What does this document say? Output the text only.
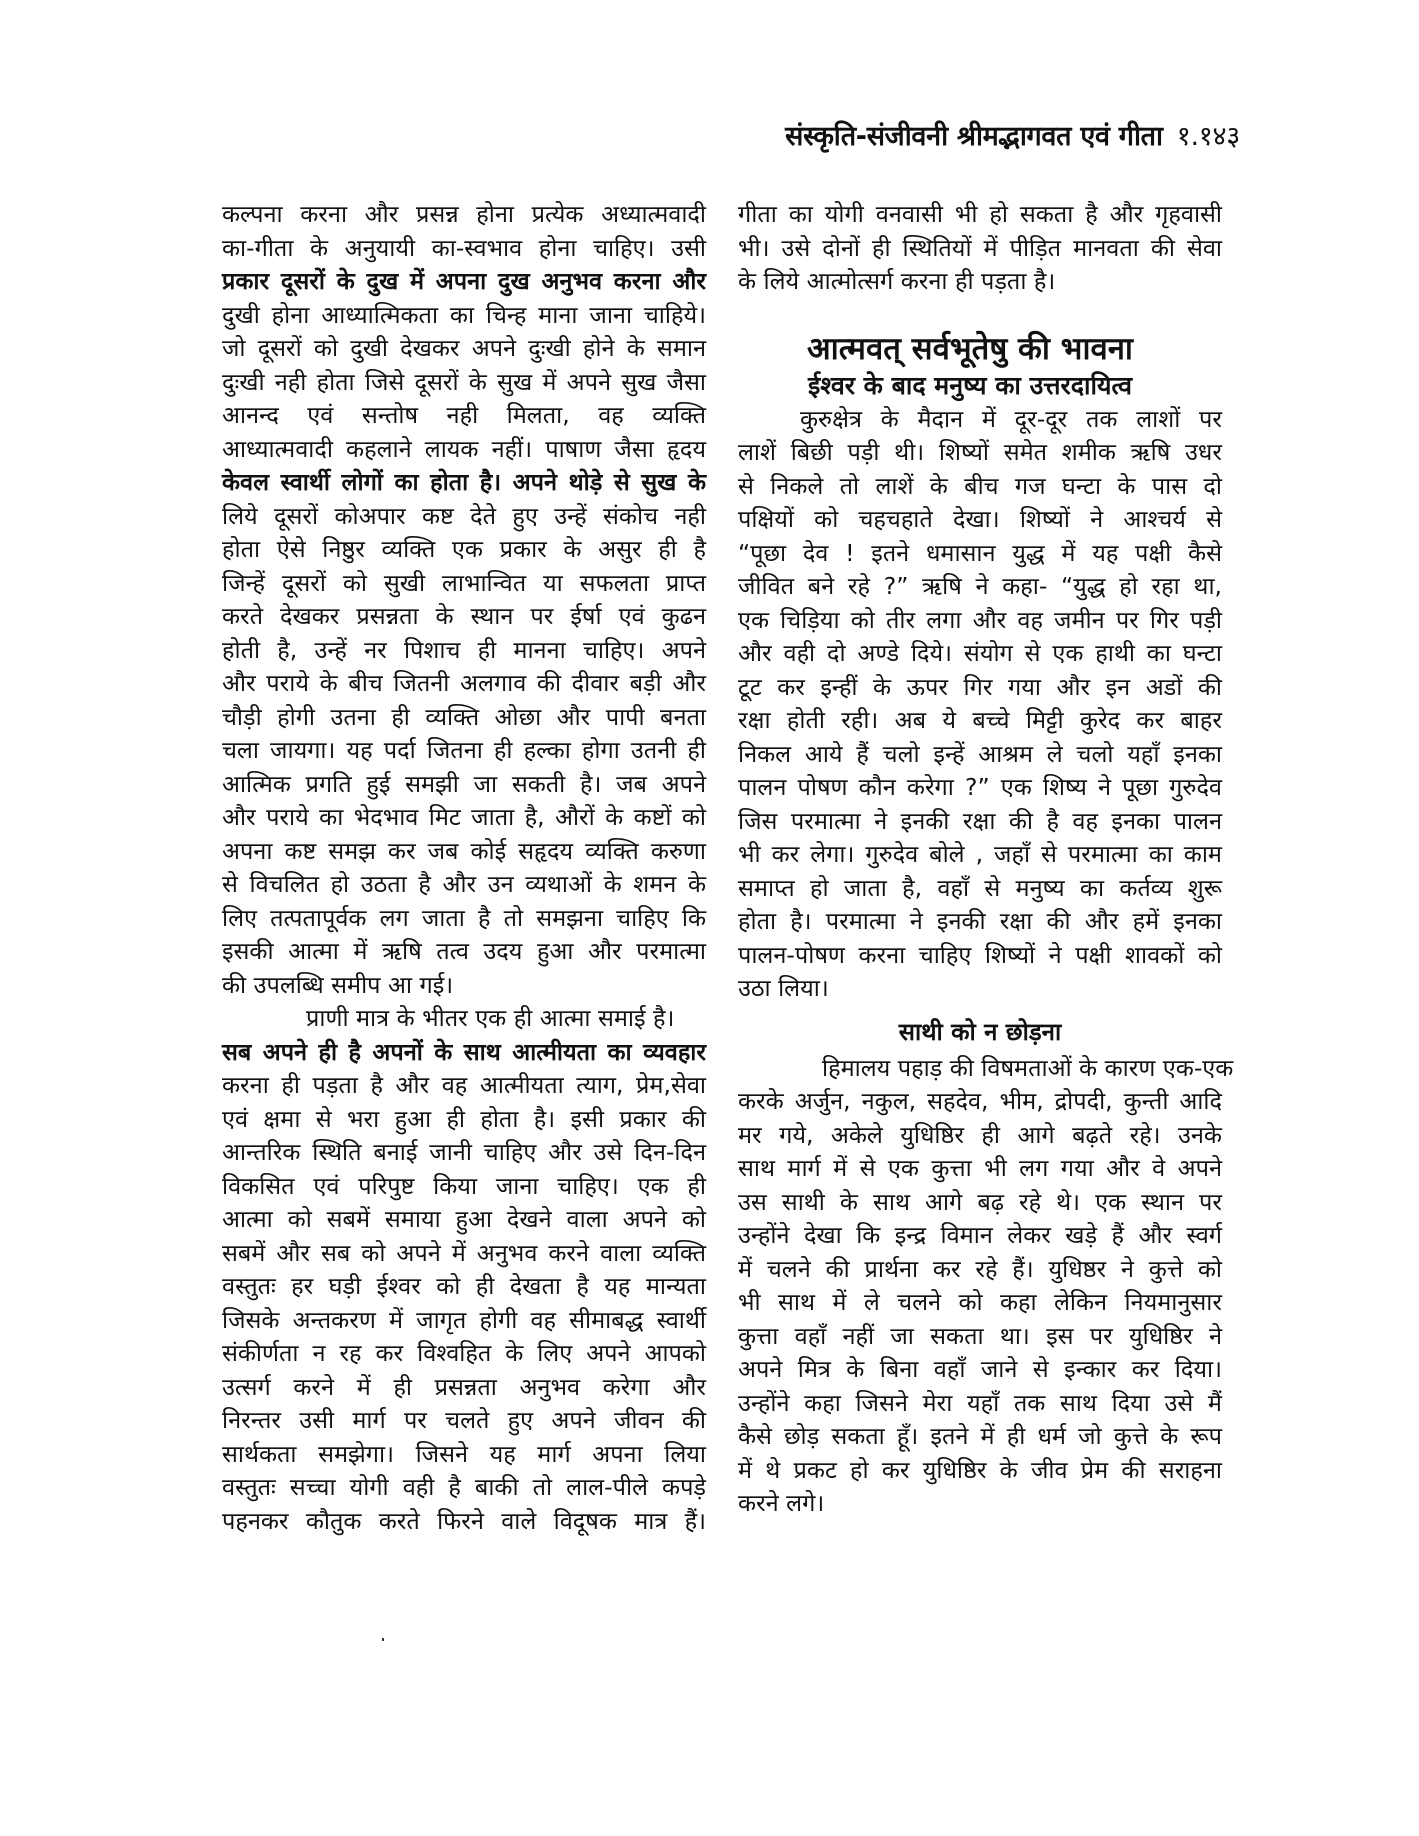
संस्कृति-संजीवनी श्रीमद्भागवत एवं गीता १.१४३
कल्पना करना और प्रसन्न होना प्रत्येक अध्यात्मवादी
का-गीता के अनुयायी का-स्वभाव होना चाहिए। उसी
प्रकार दूसरों के दुख में अपना दुख अनुभव करना और
दुखी होना आध्यात्मिकता का चिन्ह माना जाना चाहिये।
जो दूसरों को दुखी देखकर अपने दुःखी होने के समान
दुःखी नही होता जिसे दूसरों के सुख में अपने सुख जैसा
आनन्द एवं सन्तोष नही मिलता, वह व्यक्ति
आध्यात्मवादी कहलाने लायक नहीं। पाषाण जैसा हृदय
केवल स्वार्थी लोगों का होता है। अपने थोड़े से सुख के
लिये दूसरों कोअपार कष्ट देते हुए उन्हें संकोच नही
होता ऐसे निष्ठुर व्यक्ति एक प्रकार के असुर ही है
जिन्हें दूसरों को सुखी लाभान्वित या सफलता प्राप्त
करते देखकर प्रसन्नता के स्थान पर ईर्षा एवं कुढन
होती है, उन्हें नर पिशाच ही मानना चाहिए। अपने
और पराये के बीच जितनी अलगाव की दीवार बड़ी और
चौड़ी होगी उतना ही व्यक्ति ओछा और पापी बनता
चला जायगा। यह पर्दा जितना ही हल्का होगा उतनी ही
आत्मिक प्रगति हुई समझी जा सकती है। जब अपने
और पराये का भेदभाव मिट जाता है, औरों के कष्टों को
अपना कष्ट समझ कर जब कोई सहृदय व्यक्ति करुणा
से विचलित हो उठता है और उन व्यथाओं के शमन के
लिए तत्पतापूर्वक लग जाता है तो समझना चाहिए कि
इसकी आत्मा में ऋषि तत्व उदय हुआ और परमात्मा
की उपलब्धि समीप आ गई।
प्राणी मात्र के भीतर एक ही आत्मा समाई है।
सब अपने ही है अपनों के साथ आत्मीयता का व्यवहार
करना ही पड़ता है और वह आत्मीयता त्याग, प्रेम,सेवा
एवं क्षमा से भरा हुआ ही होता है। इसी प्रकार की
आन्तरिक स्थिति बनाई जानी चाहिए और उसे दिन-दिन
विकसित एवं परिपुष्ट किया जाना चाहिए। एक ही
आत्मा को सबमें समाया हुआ देखने वाला अपने को
सबमें और सब को अपने में अनुभव करने वाला व्यक्ति
वस्तुतः हर घड़ी ईश्वर को ही देखता है यह मान्यता
जिसके अन्तकरण में जागृत होगी वह सीमाबद्ध स्वार्थी
संकीर्णता न रह कर विश्वहित के लिए अपने आपको
उत्सर्ग करने में ही प्रसन्नता अनुभव करेगा और
निरन्तर उसी मार्ग पर चलते हुए अपने जीवन की
सार्थकता समझेगा। जिसने यह मार्ग अपना लिया
वस्तुतः सच्चा योगी वही है बाकी तो लाल-पीले कपड़े
पहनकर कौतुक करते फिरने वाले विदूषक मात्र हैं।
गीता का योगी वनवासी भी हो सकता है और गृहवासी
भी। उसे दोनों ही स्थितियों में पीड़ित मानवता की सेवा
के लिये आत्मोत्सर्ग करना ही पड़ता है।
आत्मवत् सर्वभूतेषु की भावना
ईश्वर के बाद मनुष्य का उत्तरदायित्व
कुरुक्षेत्र के मैदान में दूर-दूर तक लाशों पर
लाशें बिछी पड़ी थी। शिष्यों समेत शमीक ऋषि उधर
से निकले तो लाशें के बीच गज घन्टा के पास दो
पक्षियों को चहचहाते देखा। शिष्यों ने आश्चर्य से
“पूछा देव ! इतने धमासान युद्ध में यह पक्षी कैसे
जीवित बने रहे ?” ऋषि ने कहा- “युद्ध हो रहा था,
एक चिड़िया को तीर लगा और वह जमीन पर गिर पड़ी
और वही दो अण्डे दिये। संयोग से एक हाथी का घन्टा
टूट कर इन्हीं के ऊपर गिर गया और इन अडों की
रक्षा होती रही। अब ये बच्चे मिट्टी कुरेद कर बाहर
निकल आये हैं चलो इन्हें आश्रम ले चलो यहाँ इनका
पालन पोषण कौन करेगा ?” एक शिष्य ने पूछा गुरुदेव
जिस परमात्मा ने इनकी रक्षा की है वह इनका पालन
भी कर लेगा। गुरुदेव बोले , जहाँ से परमात्मा का काम
समाप्त हो जाता है, वहाँ से मनुष्य का कर्तव्य शुरू
होता है। परमात्मा ने इनकी रक्षा की और हमें इनका
पालन-पोषण करना चाहिए शिष्यों ने पक्षी शावकों को
उठा लिया।
साथी को न छोड़ना
हिमालय पहाड़ की विषमताओं के कारण एक-एक
करके अर्जुन, नकुल, सहदेव, भीम, द्रोपदी, कुन्ती आदि
मर गये, अकेले युधिष्ठिर ही आगे बढ़ते रहे। उनके
साथ मार्ग में से एक कुत्ता भी लग गया और वे अपने
उस साथी के साथ आगे बढ़ रहे थे। एक स्थान पर
उन्होंने देखा कि इन्द्र विमान लेकर खड़े हैं और स्वर्ग
में चलने की प्रार्थना कर रहे हैं। युधिष्ठर ने कुत्ते को
भी साथ में ले चलने को कहा लेकिन नियमानुसार
कुत्ता वहाँ नहीं जा सकता था। इस पर युधिष्ठिर ने
अपने मित्र के बिना वहाँ जाने से इन्कार कर दिया।
उन्होंने कहा जिसने मेरा यहाँ तक साथ दिया उसे मैं
कैसे छोड़ सकता हूँ। इतने में ही धर्म जो कुत्ते के रूप
में थे प्रकट हो कर युधिष्ठिर के जीव प्रेम की सराहना
करने लगे।
